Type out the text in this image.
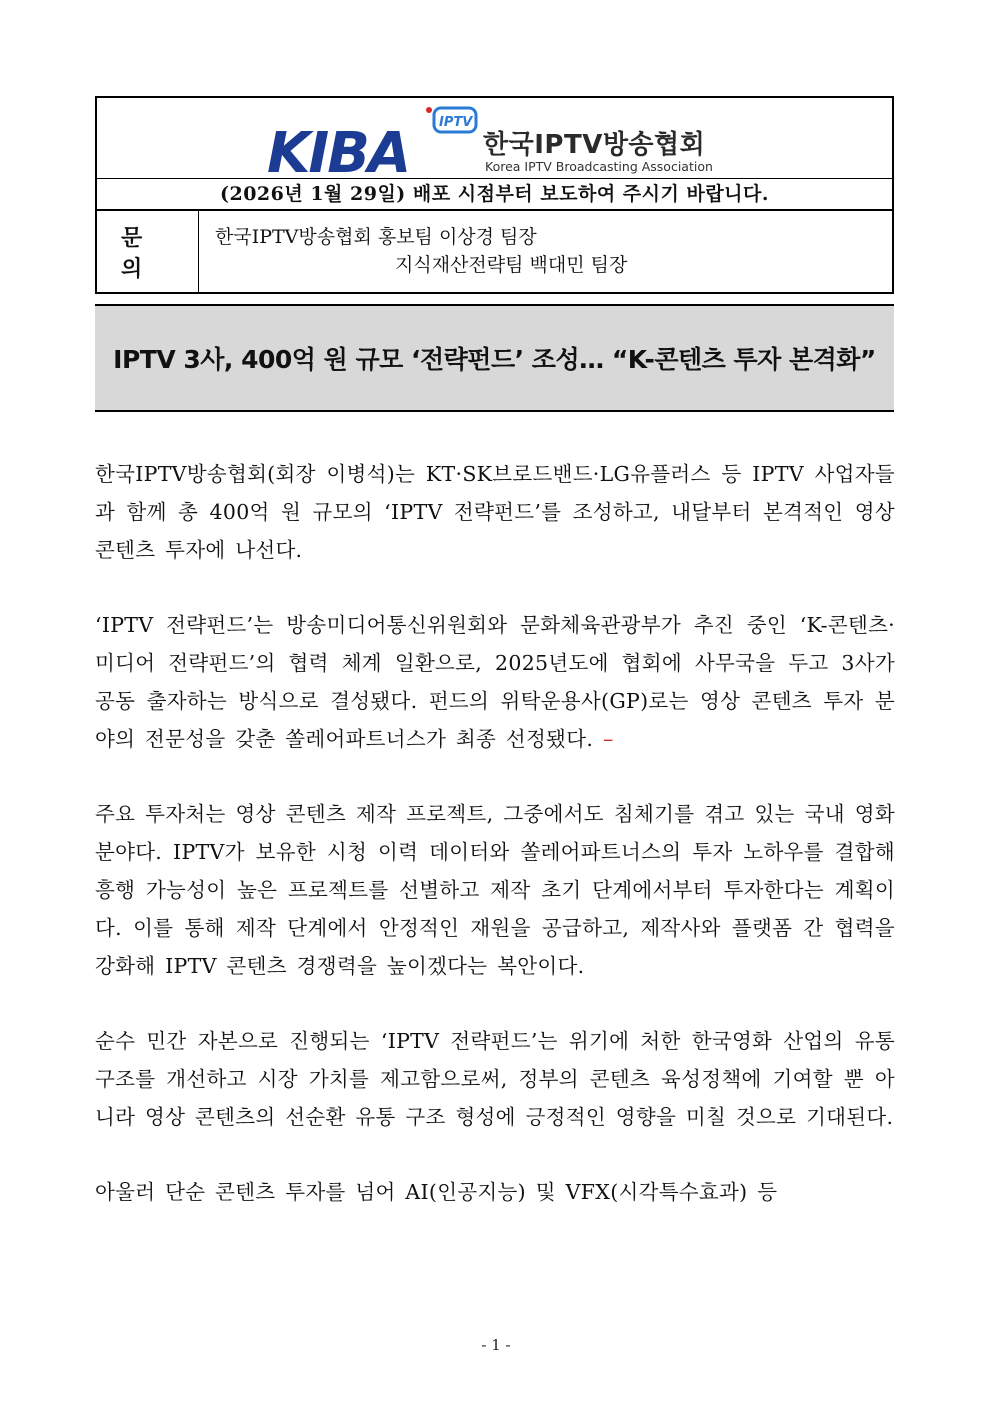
KIBA IPTV
한국IPTV방송협회
Korea IPTV Broadcasting Association
(2026년 1월 29일) 배포 시점부터 보도하여 주시기 바랍니다.
문 의
한국IPTV방송협회 홍보팀 이상경 팀장
지식재산전략팀 백대민 팀장
IPTV 3사, 400억 원 규모 ‘전략펀드’ 조성… “K-콘텐츠 투자 본격화”

한국IPTV방송협회(회장 이병석)는 KT·SK브로드밴드·LG유플러스 등 IPTV 사업자들과 함께 총 400억 원 규모의 ‘IPTV 전략펀드’를 조성하고, 내달부터 본격적인 영상 콘텐츠 투자에 나선다.

‘IPTV 전략펀드’는 방송미디어통신위원회와 문화체육관광부가 추진 중인 ‘K-콘텐츠·미디어 전략펀드’의 협력 체계 일환으로, 2025년도에 협회에 사무국을 두고 3사가 공동 출자하는 방식으로 결성됐다. 펀드의 위탁운용사(GP)로는 영상 콘텐츠 투자 분야의 전문성을 갖춘 쏠레어파트너스가 최종 선정됐다. –

주요 투자처는 영상 콘텐츠 제작 프로젝트, 그중에서도 침체기를 겪고 있는 국내 영화 분야다. IPTV가 보유한 시청 이력 데이터와 쏠레어파트너스의 투자 노하우를 결합해 흥행 가능성이 높은 프로젝트를 선별하고 제작 초기 단계에서부터 투자한다는 계획이다. 이를 통해 제작 단계에서 안정적인 재원을 공급하고, 제작사와 플랫폼 간 협력을 강화해 IPTV 콘텐츠 경쟁력을 높이겠다는 복안이다.

순수 민간 자본으로 진행되는 ‘IPTV 전략펀드’는 위기에 처한 한국영화 산업의 유통 구조를 개선하고 시장 가치를 제고함으로써, 정부의 콘텐츠 육성정책에 기여할 뿐 아니라 영상 콘텐츠의 선순환 유통 구조 형성에 긍정적인 영향을 미칠 것으로 기대된다.

아울러 단순 콘텐츠 투자를 넘어 AI(인공지능) 및 VFX(시각특수효과) 등

- 1 -
